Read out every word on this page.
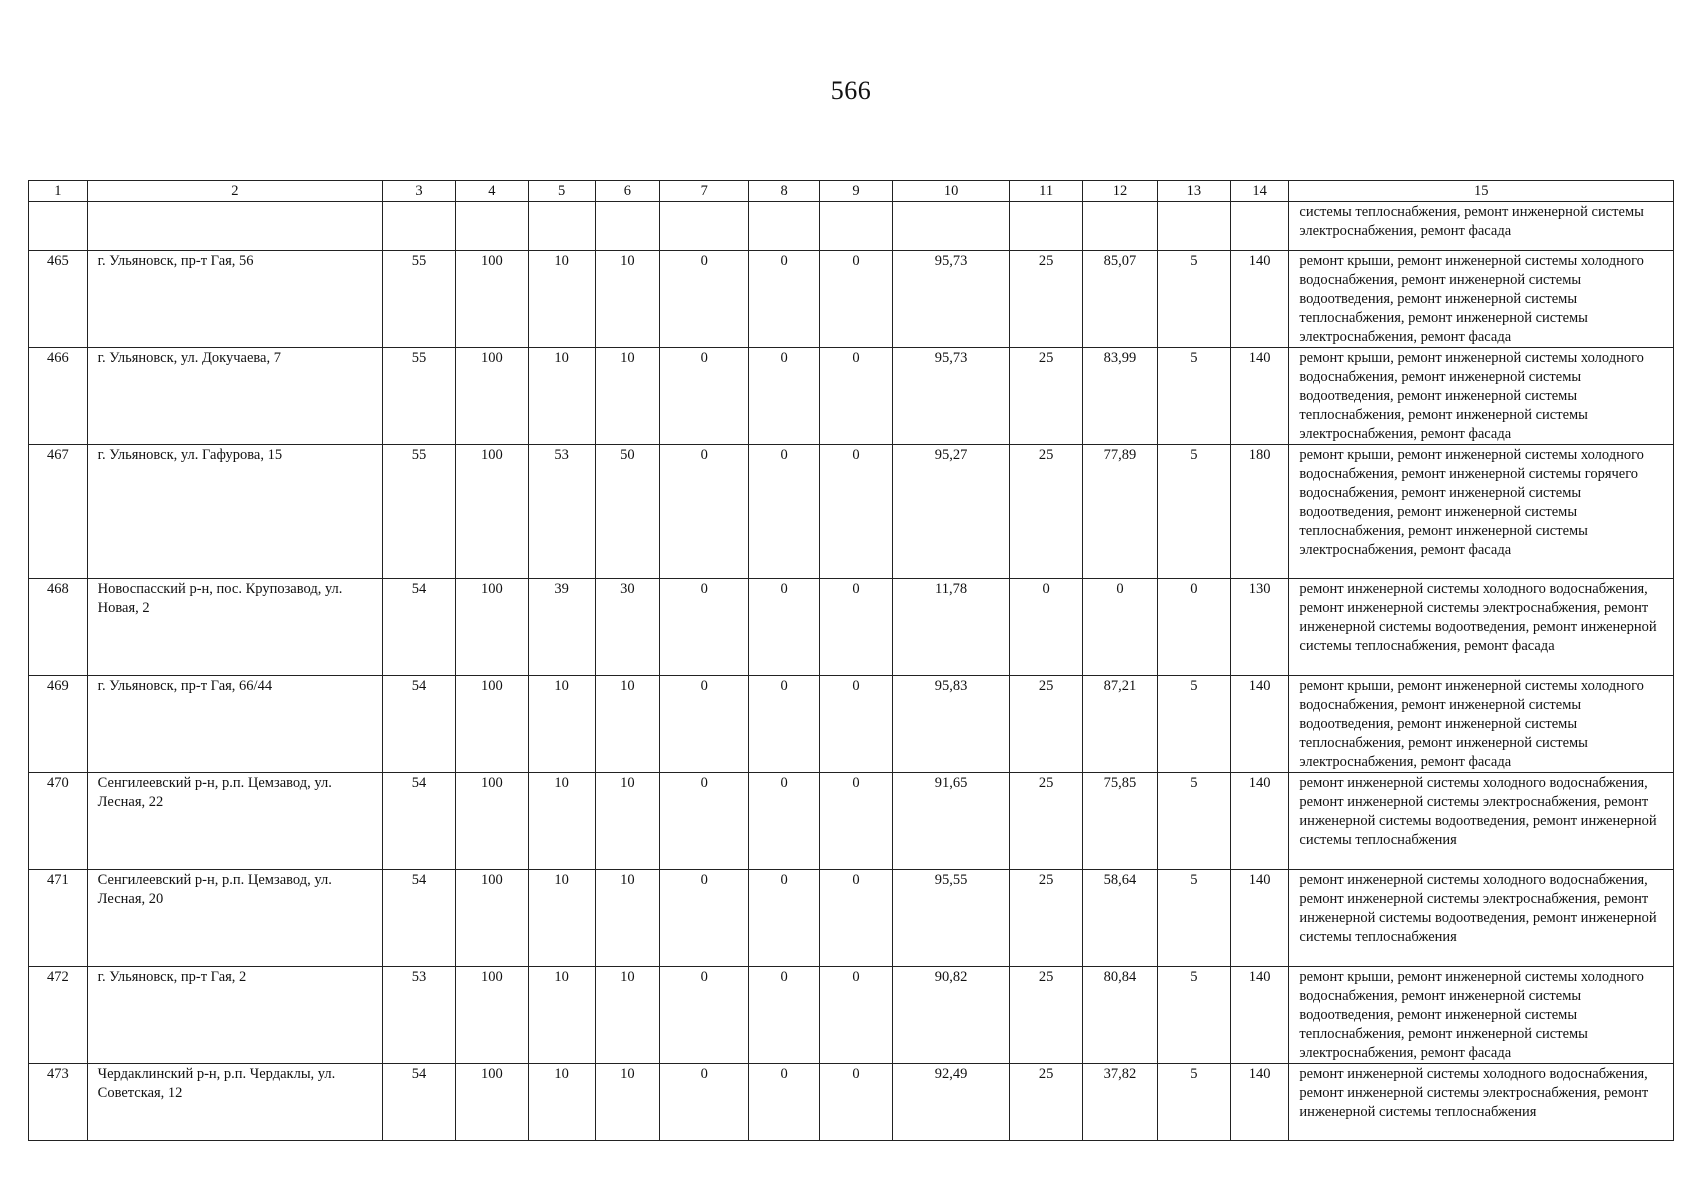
566
1	2	3	4	5	6	7	8	9	10	11	12	13	14	15
														системы теплоснабжения, ремонт инженерной системы электроснабжения, ремонт фасада
465	г. Ульяновск, пр-т Гая, 56	55	100	10	10	0	0	0	95,73	25	85,07	5	140	ремонт крыши, ремонт инженерной системы холодного водоснабжения, ремонт инженерной системы водоотведения, ремонт инженерной системы теплоснабжения, ремонт инженерной системы электроснабжения, ремонт фасада
466	г. Ульяновск, ул. Докучаева, 7	55	100	10	10	0	0	0	95,73	25	83,99	5	140	ремонт крыши, ремонт инженерной системы холодного водоснабжения, ремонт инженерной системы водоотведения, ремонт инженерной системы теплоснабжения, ремонт инженерной системы электроснабжения, ремонт фасада
467	г. Ульяновск, ул. Гафурова, 15	55	100	53	50	0	0	0	95,27	25	77,89	5	180	ремонт крыши, ремонт инженерной системы холодного водоснабжения, ремонт инженерной системы горячего водоснабжения, ремонт инженерной системы водоотведения, ремонт инженерной системы теплоснабжения, ремонт инженерной системы электроснабжения, ремонт фасада
468	Новоспасский р-н, пос. Крупозавод, ул. Новая, 2	54	100	39	30	0	0	0	11,78	0	0	0	130	ремонт инженерной системы холодного водоснабжения, ремонт инженерной системы электроснабжения, ремонт инженерной системы водоотведения, ремонт инженерной системы теплоснабжения, ремонт фасада
469	г. Ульяновск, пр-т Гая, 66/44	54	100	10	10	0	0	0	95,83	25	87,21	5	140	ремонт крыши, ремонт инженерной системы холодного водоснабжения, ремонт инженерной системы водоотведения, ремонт инженерной системы теплоснабжения, ремонт инженерной системы электроснабжения, ремонт фасада
470	Сенгилеевский р-н, р.п. Цемзавод, ул. Лесная, 22	54	100	10	10	0	0	0	91,65	25	75,85	5	140	ремонт инженерной системы холодного водоснабжения, ремонт инженерной системы электроснабжения, ремонт инженерной системы водоотведения, ремонт инженерной системы теплоснабжения
471	Сенгилеевский р-н, р.п. Цемзавод, ул. Лесная, 20	54	100	10	10	0	0	0	95,55	25	58,64	5	140	ремонт инженерной системы холодного водоснабжения, ремонт инженерной системы электроснабжения, ремонт инженерной системы водоотведения, ремонт инженерной системы теплоснабжения
472	г. Ульяновск, пр-т Гая, 2	53	100	10	10	0	0	0	90,82	25	80,84	5	140	ремонт крыши, ремонт инженерной системы холодного водоснабжения, ремонт инженерной системы водоотведения, ремонт инженерной системы теплоснабжения, ремонт инженерной системы электроснабжения, ремонт фасада
473	Чердаклинский р-н, р.п. Чердаклы, ул. Советская, 12	54	100	10	10	0	0	0	92,49	25	37,82	5	140	ремонт инженерной системы холодного водоснабжения, ремонт инженерной системы электроснабжения, ремонт инженерной системы теплоснабжения
